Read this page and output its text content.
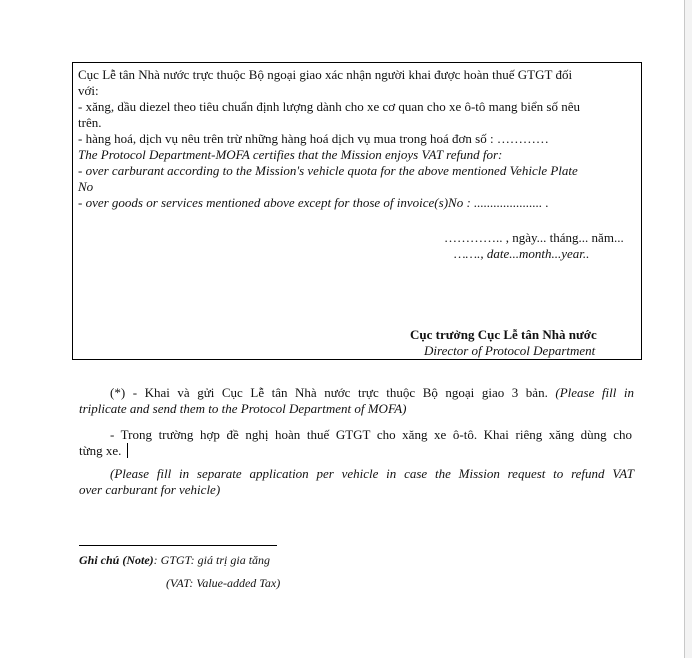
Cục Lễ tân Nhà nước trực thuộc Bộ ngoại giao xác nhận người khai được hoàn thuế GTGT đối
với:
- xăng, dầu diezel theo tiêu chuẩn định lượng dành cho xe cơ quan cho xe ô-tô mang biển số nêu
trên.
- hàng hoá, dịch vụ nêu trên trừ những hàng hoá dịch vụ mua trong hoá đơn số : …………
The Protocol Department-MOFA certifies that the Mission enjoys VAT refund for:
- over carburant according to the Mission's vehicle quota for the above mentioned Vehicle Plate
No
- over goods or services mentioned above except for those of invoice(s)No : ..................... .
………….. , ngày... tháng... năm...
……., date...month...year..
Cục trưởng Cục Lễ tân Nhà nước
Director of Protocol Department
(*) - Khai và gửi Cục Lễ tân Nhà nước trực thuộc Bộ ngoại giao 3 bản. (Please fill in
triplicate and send them to the Protocol Department of MOFA)
- Trong trường hợp đề nghị hoàn thuế GTGT cho xăng xe ô-tô. Khai riêng xăng dùng cho
từng xe.
(Please fill in separate application per vehicle in case the Mission request to refund VAT
over carburant for vehicle)
Ghi chú (Note): GTGT: giá trị gia tăng
(VAT: Value-added Tax)
